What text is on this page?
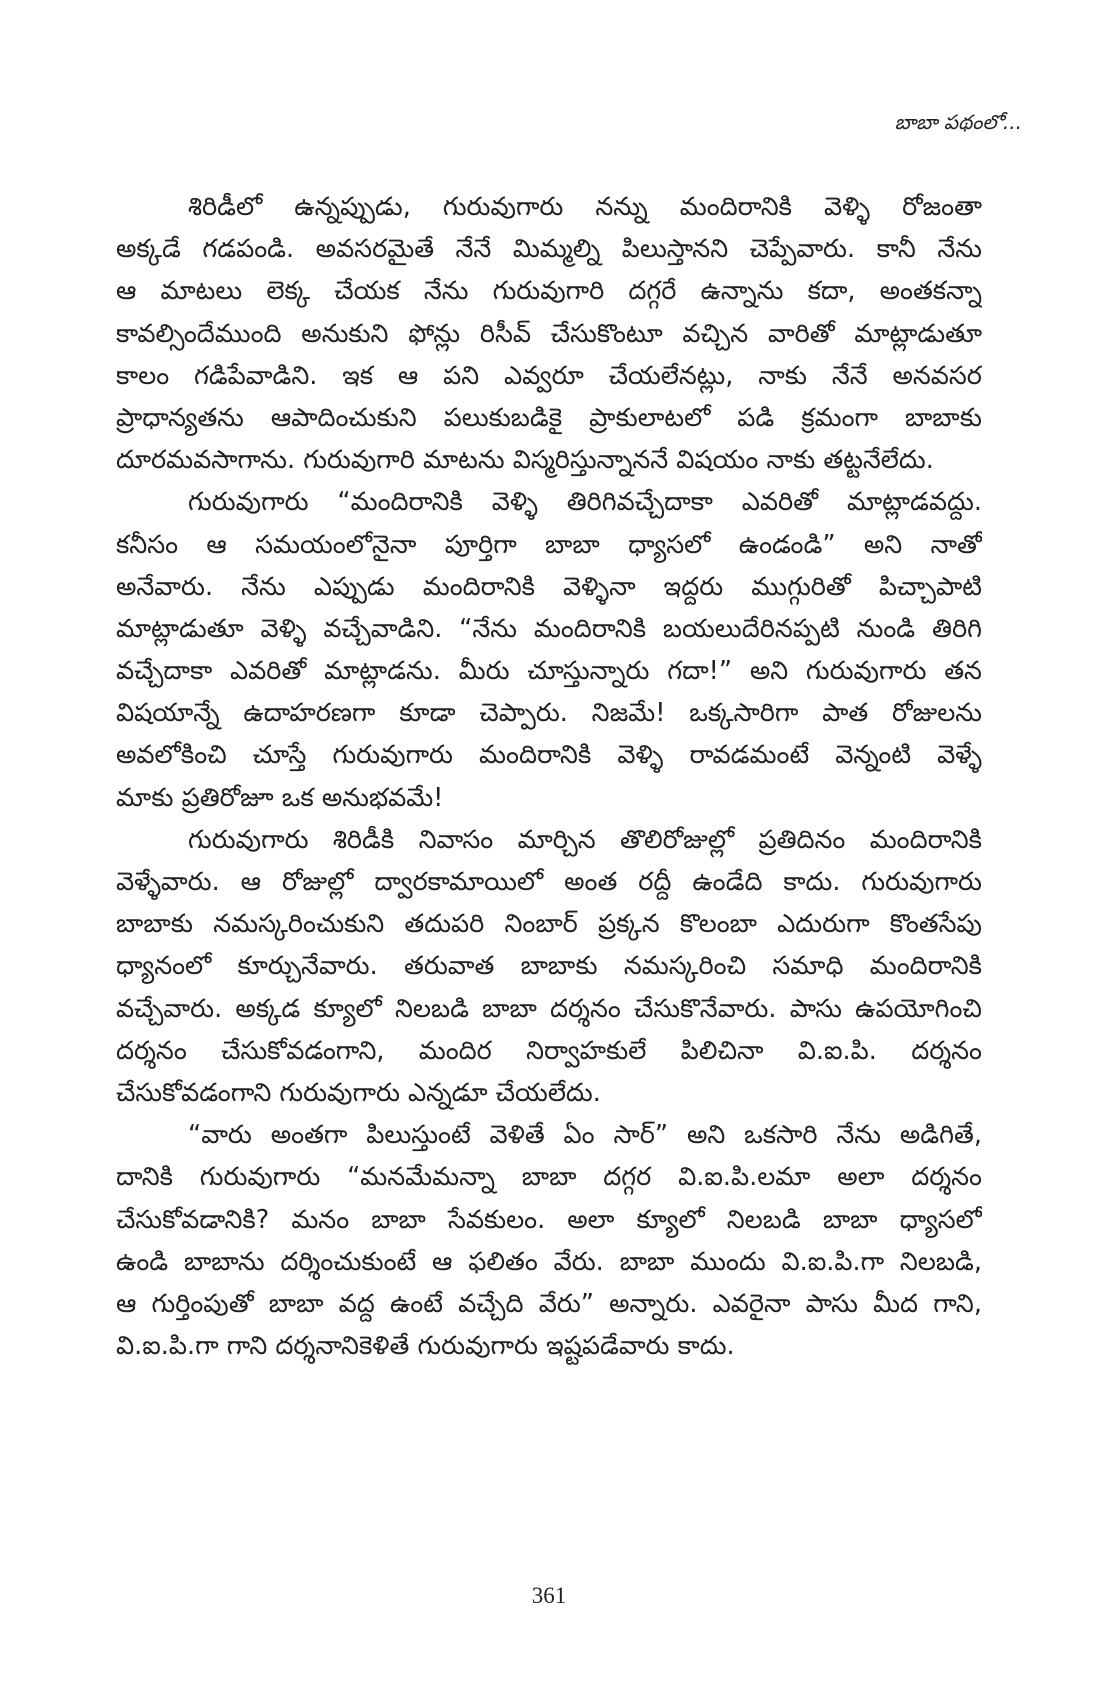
బాబా పథంలో...
శిరిడీలో ఉన్నప్పుడు, గురువుగారు నన్ను మందిరానికి వెళ్ళి రోజంతా
అక్కడే గడపండి. అవసరమైతే నేనే మిమ్మల్ని పిలుస్తానని చెప్పేవారు. కానీ నేను
ఆ మాటలు లెక్క చేయక నేను గురువుగారి దగ్గరే ఉన్నాను కదా, అంతకన్నా
కావల్సిందేముంది అనుకుని ఫోన్లు రిసీవ్ చేసుకొంటూ వచ్చిన వారితో మాట్లాడుతూ
కాలం గడిపేవాడిని. ఇక ఆ పని ఎవ్వరూ చేయలేనట్లు, నాకు నేనే అనవసర
ప్రాధాన్యతను ఆపాదించుకుని పలుకుబడికై ప్రాకులాటలో పడి క్రమంగా బాబాకు
దూరమవసాగాను. గురువుగారి మాటను విస్మరిస్తున్నాననే విషయం నాకు తట్టనేలేదు.
గురువుగారు “మందిరానికి వెళ్ళి తిరిగివచ్చేదాకా ఎవరితో మాట్లాడవద్దు.
కనీసం ఆ సమయంలోనైనా పూర్తిగా బాబా ధ్యాసలో ఉండండి” అని నాతో
అనేవారు. నేను ఎప్పుడు మందిరానికి వెళ్ళినా ఇద్దరు ముగ్గురితో పిచ్చాపాటి
మాట్లాడుతూ వెళ్ళి వచ్చేవాడిని. “నేను మందిరానికి బయలుదేరినప్పటి నుండి తిరిగి
వచ్చేదాకా ఎవరితో మాట్లాడను. మీరు చూస్తున్నారు గదా!” అని గురువుగారు తన
విషయాన్నే ఉదాహరణగా కూడా చెప్పారు. నిజమే! ఒక్కసారిగా పాత రోజులను
అవలోకించి చూస్తే గురువుగారు మందిరానికి వెళ్ళి రావడమంటే వెన్నంటి వెళ్ళే
మాకు ప్రతిరోజూ ఒక అనుభవమే!
గురువుగారు శిరిడీకి నివాసం మార్చిన తొలిరోజుల్లో ప్రతిదినం మందిరానికి
వెళ్ళేవారు. ఆ రోజుల్లో ద్వారకామాయిలో అంత రద్దీ ఉండేది కాదు. గురువుగారు
బాబాకు నమస్కరించుకుని తదుపరి నింబార్ ప్రక్కన కొలంబా ఎదురుగా కొంతసేపు
ధ్యానంలో కూర్చునేవారు. తరువాత బాబాకు నమస్కరించి సమాధి మందిరానికి
వచ్చేవారు. అక్కడ క్యూలో నిలబడి బాబా దర్శనం చేసుకొనేవారు. పాసు ఉపయోగించి
దర్శనం చేసుకోవడంగాని, మందిర నిర్వాహకులే పిలిచినా వి.ఐ.పి. దర్శనం
చేసుకోవడంగాని గురువుగారు ఎన్నడూ చేయలేదు.
“వారు అంతగా పిలుస్తుంటే వెళితే ఏం సార్” అని ఒకసారి నేను అడిగితే,
దానికి గురువుగారు “మనమేమన్నా బాబా దగ్గర వి.ఐ.పి.లమా అలా దర్శనం
చేసుకోవడానికి? మనం బాబా సేవకులం. అలా క్యూలో నిలబడి బాబా ధ్యాసలో
ఉండి బాబాను దర్శించుకుంటే ఆ ఫలితం వేరు. బాబా ముందు వి.ఐ.పి.గా నిలబడి,
ఆ గుర్తింపుతో బాబా వద్ద ఉంటే వచ్చేది వేరు” అన్నారు. ఎవరైనా పాసు మీద గాని,
వి.ఐ.పి.గా గాని దర్శనానికెళితే గురువుగారు ఇష్టపడేవారు కాదు.
361
